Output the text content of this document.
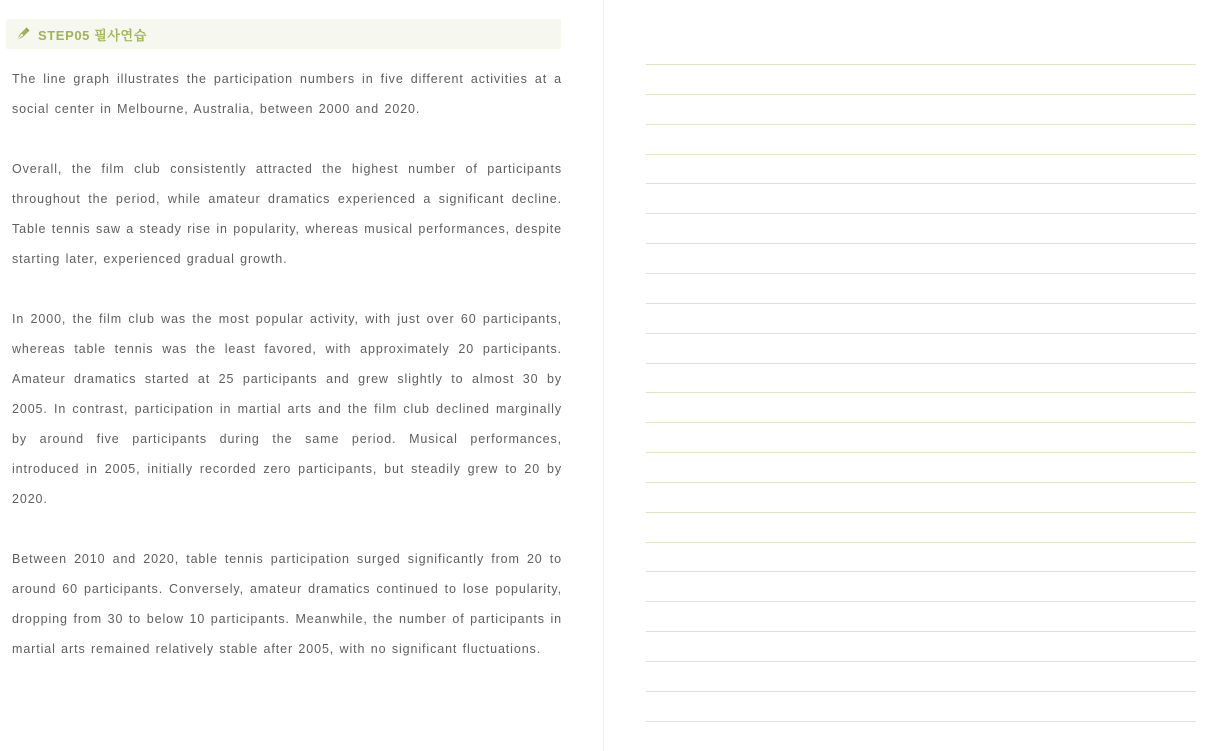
STEP05 필사연습

The line graph illustrates the participation numbers in five different activities at a social center in Melbourne, Australia, between 2000 and 2020.

Overall, the film club consistently attracted the highest number of participants throughout the period, while amateur dramatics experienced a significant decline. Table tennis saw a steady rise in popularity, whereas musical performances, despite starting later, experienced gradual growth.

In 2000, the film club was the most popular activity, with just over 60 participants, whereas table tennis was the least favored, with approximately 20 participants. Amateur dramatics started at 25 participants and grew slightly to almost 30 by 2005. In contrast, participation in martial arts and the film club declined marginally by around five participants during the same period. Musical performances, introduced in 2005, initially recorded zero participants, but steadily grew to 20 by 2020.

Between 2010 and 2020, table tennis participation surged significantly from 20 to around 60 participants. Conversely, amateur dramatics continued to lose popularity, dropping from 30 to below 10 participants. Meanwhile, the number of participants in martial arts remained relatively stable after 2005, with no significant fluctuations.
